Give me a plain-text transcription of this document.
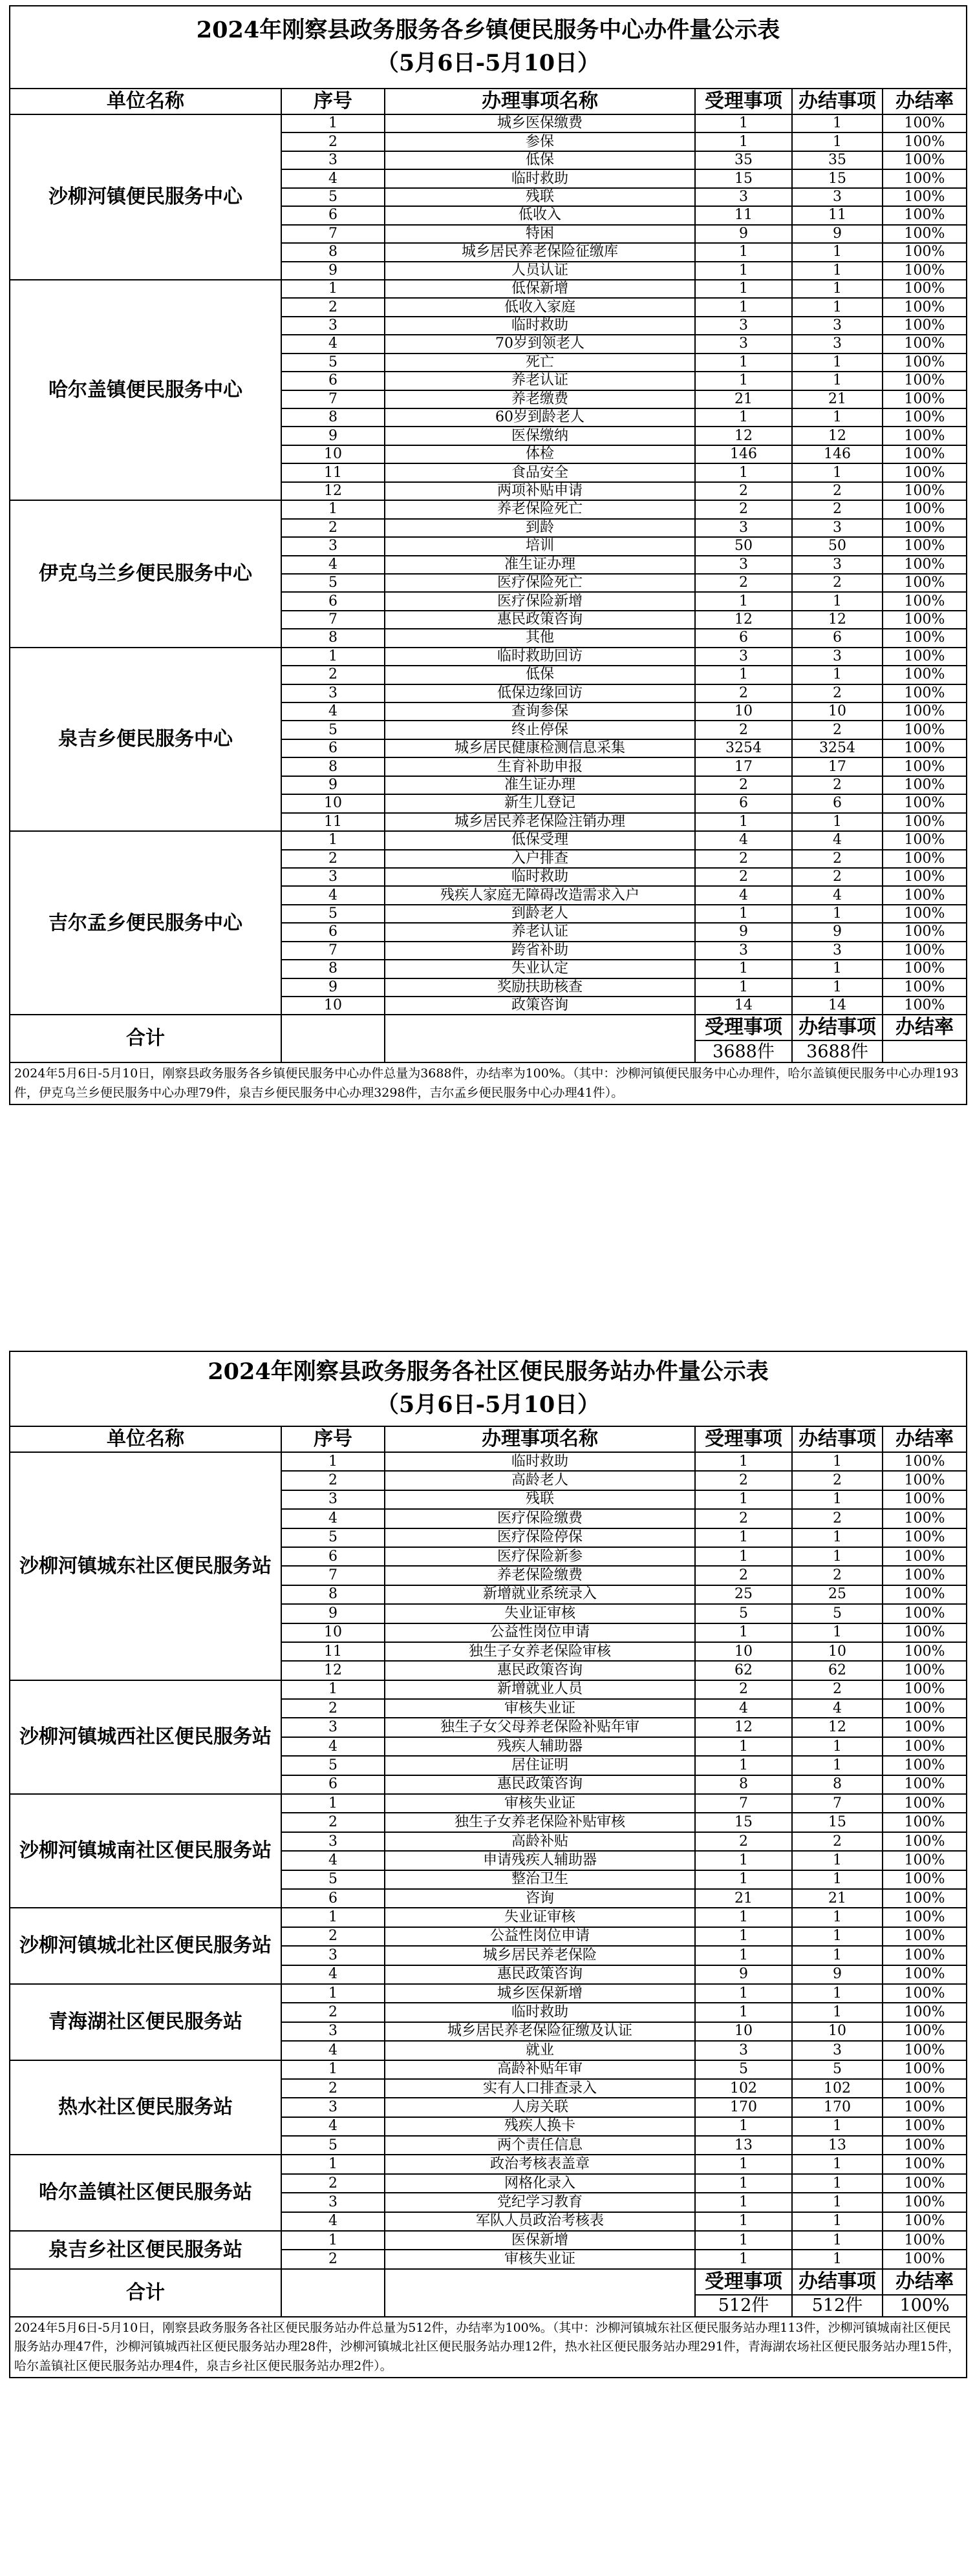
2024年刚察县政务服务各乡镇便民服务中心办件量公示表
（5月6日-5月10日）					

单位名称	序号	办理事项名称	受理事项	办结事项	办结率
沙柳河镇便民服务中心	1	城乡医保缴费	1	1	100%
	2	参保	1	1	100%
	3	低保	35	35	100%
	4	临时救助	15	15	100%
	5	残联	3	3	100%
	6	低收入	11	11	100%
	7	特困	9	9	100%
	8	城乡居民养老保险征缴库	1	1	100%
	9	人员认证	1	1	100%
哈尔盖镇便民服务中心	1	低保新增	1	1	100%
	2	低收入家庭	1	1	100%
	3	临时救助	3	3	100%
	4	70岁到领老人	3	3	100%
	5	死亡	1	1	100%
	6	养老认证	1	1	100%
	7	养老缴费	21	21	100%
	8	60岁到龄老人	1	1	100%
	9	医保缴纳	12	12	100%
	10	体检	146	146	100%
	11	食品安全	1	1	100%
	12	两项补贴申请	2	2	100%
伊克乌兰乡便民服务中心	1	养老保险死亡	2	2	100%
	2	到龄	3	3	100%
	3	培训	50	50	100%
	4	准生证办理	3	3	100%
	5	医疗保险死亡	2	2	100%
	6	医疗保险新增	1	1	100%
	7	惠民政策咨询	12	12	100%
	8	其他	6	6	100%
泉吉乡便民服务中心	1	临时救助回访	3	3	100%
	2	低保	1	1	100%
	3	低保边缘回访	2	2	100%
	4	查询参保	10	10	100%
	5	终止停保	2	2	100%
	6	城乡居民健康检测信息采集	3254	3254	100%
	8	生育补助申报	17	17	100%
	9	准生证办理	2	2	100%
	10	新生儿登记	6	6	100%
	11	城乡居民养老保险注销办理	1	1	100%
吉尔孟乡便民服务中心	1	低保受理	4	4	100%
	2	入户排查	2	2	100%
	3	临时救助	2	2	100%
	4	残疾人家庭无障碍改造需求入户	4	4	100%
	5	到龄老人	1	1	100%
	6	养老认证	9	9	100%
	7	跨省补助	3	3	100%
	8	失业认定	1	1	100%
	9	奖励扶助核查	1	1	100%
	10	政策咨询	14	14	100%
合计			受理事项	办结事项	办结率
			3688件	3688件	
2024年5月6日-5月10日，刚察县政务服务各乡镇便民服务中心办件总量为3688件，办结率为100%。（其中：沙柳河镇便民服务中心办理件，哈尔盖镇便民服务中心办理193件，伊克乌兰乡便民服务中心办理79件，泉吉乡便民服务中心办理3298件，吉尔孟乡便民服务中心办理41件）。					
2024年刚察县政务服务各社区便民服务站办件量公示表
（5月6日-5月10日）					

单位名称	序号	办理事项名称	受理事项	办结事项	办结率
沙柳河镇城东社区便民服务站	1	临时救助	1	1	100%
	2	高龄老人	2	2	100%
	3	残联	1	1	100%
	4	医疗保险缴费	2	2	100%
	5	医疗保险停保	1	1	100%
	6	医疗保险新参	1	1	100%
	7	养老保险缴费	2	2	100%
	8	新增就业系统录入	25	25	100%
	9	失业证审核	5	5	100%
	10	公益性岗位申请	1	1	100%
	11	独生子女养老保险审核	10	10	100%
	12	惠民政策咨询	62	62	100%
沙柳河镇城西社区便民服务站	1	新增就业人员	2	2	100%
	2	审核失业证	4	4	100%
	3	独生子女父母养老保险补贴年审	12	12	100%
	4	残疾人辅助器	1	1	100%
	5	居住证明	1	1	100%
	6	惠民政策咨询	8	8	100%
沙柳河镇城南社区便民服务站	1	审核失业证	7	7	100%
	2	独生子女养老保险补贴审核	15	15	100%
	3	高龄补贴	2	2	100%
	4	申请残疾人辅助器	1	1	100%
	5	整治卫生	1	1	100%
	6	咨询	21	21	100%
沙柳河镇城北社区便民服务站	1	失业证审核	1	1	100%
	2	公益性岗位申请	1	1	100%
	3	城乡居民养老保险	1	1	100%
	4	惠民政策咨询	9	9	100%
青海湖社区便民服务站	1	城乡医保新增	1	1	100%
	2	临时救助	1	1	100%
	3	城乡居民养老保险征缴及认证	10	10	100%
	4	就业	3	3	100%
热水社区便民服务站	1	高龄补贴年审	5	5	100%
	2	实有人口排查录入	102	102	100%
	3	人房关联	170	170	100%
	4	残疾人换卡	1	1	100%
	5	两个责任信息	13	13	100%
哈尔盖镇社区便民服务站	1	政治考核表盖章	1	1	100%
	2	网格化录入	1	1	100%
	3	党纪学习教育	1	1	100%
	4	军队人员政治考核表	1	1	100%
泉吉乡社区便民服务站	1	医保新增	1	1	100%
	2	审核失业证	1	1	100%
合计			受理事项	办结事项	办结率
			512件	512件	100%
2024年5月6日-5月10日，刚察县政务服务各社区便民服务站办件总量为512件，办结率为100%。（其中：沙柳河镇城东社区便民服务站办理113件，沙柳河镇城南社区便民服务站办理47件，沙柳河镇城西社区便民服务站办理28件，沙柳河镇城北社区便民服务站办理12件，热水社区便民服务站办理291件，青海湖农场社区便民服务站办理15件，哈尔盖镇社区便民服务站办理4件，泉吉乡社区便民服务站办理2件）。					
